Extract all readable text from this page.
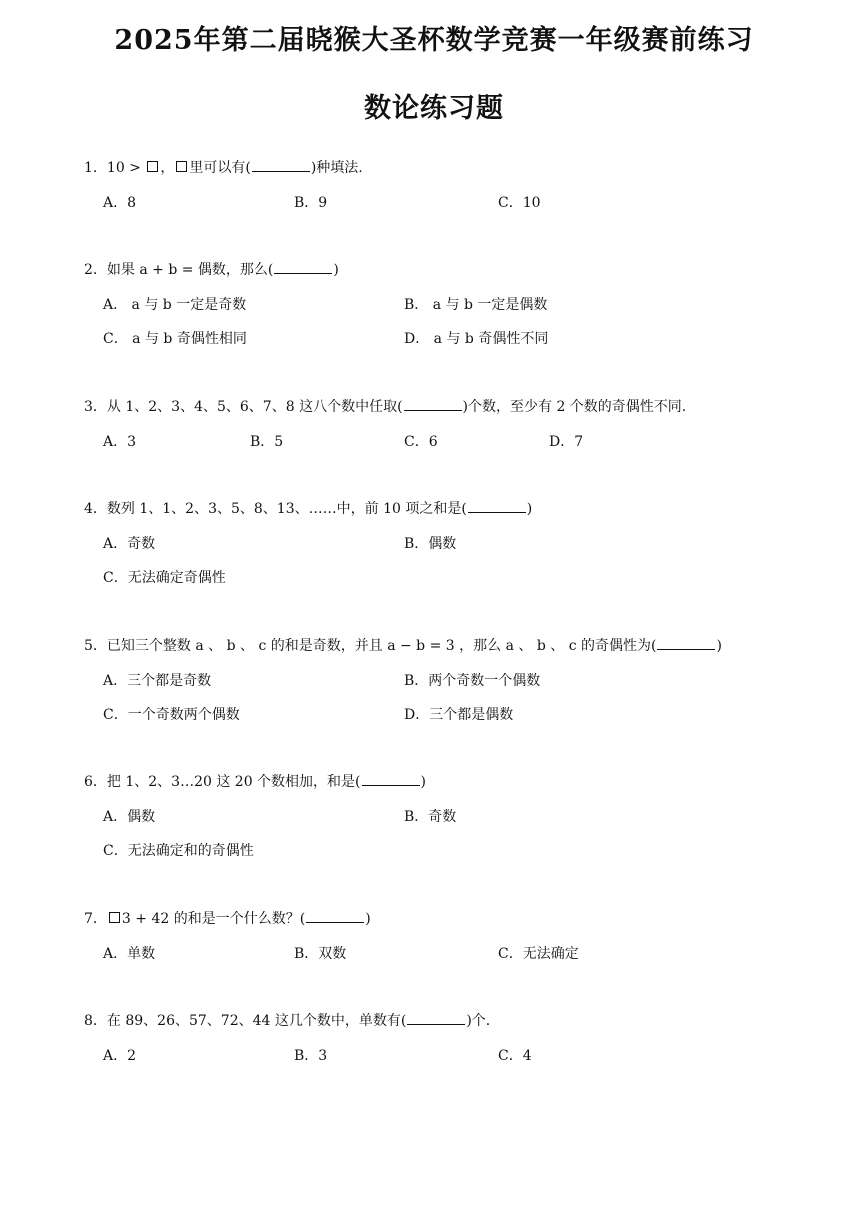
2025年第二届晓猴大圣杯数学竞赛一年级赛前练习
数论练习题
1．10 > ， 里可以有(	)种填法.
A．8	B．9	C．10
2．如果 a + b = 偶数，那么(	)
A． a 与 b 一定是奇数	B． a 与 b 一定是偶数
C． a 与 b 奇偶性相同	D． a 与 b 奇偶性不同
3．从 1、2、3、4、5、6、7、8 这八个数中任取(	)个数，至少有 2 个数的奇偶性不同.
A．3	B．5	C．6	D．7
4．数列 1、1、2、3、5、8、13、……中，前 10 项之和是(	)
A．奇数	B．偶数
C．无法确定奇偶性
5．已知三个整数 a 、 b 、 c 的和是奇数，并且 a − b = 3 ，那么 a 、 b 、 c 的奇偶性为(	)
A．三个都是奇数	B．两个奇数一个偶数
C．一个奇数两个偶数	D．三个都是偶数
6．把 1、2、3…20 这 20 个数相加，和是(	)
A．偶数	B．奇数
C．无法确定和的奇偶性
7． 3 + 42 的和是一个什么数？(	)
A．单数	B．双数	C．无法确定
8．在 89、26、57、72、44 这几个数中，单数有(	)个.
A．2	B．3	C．4
